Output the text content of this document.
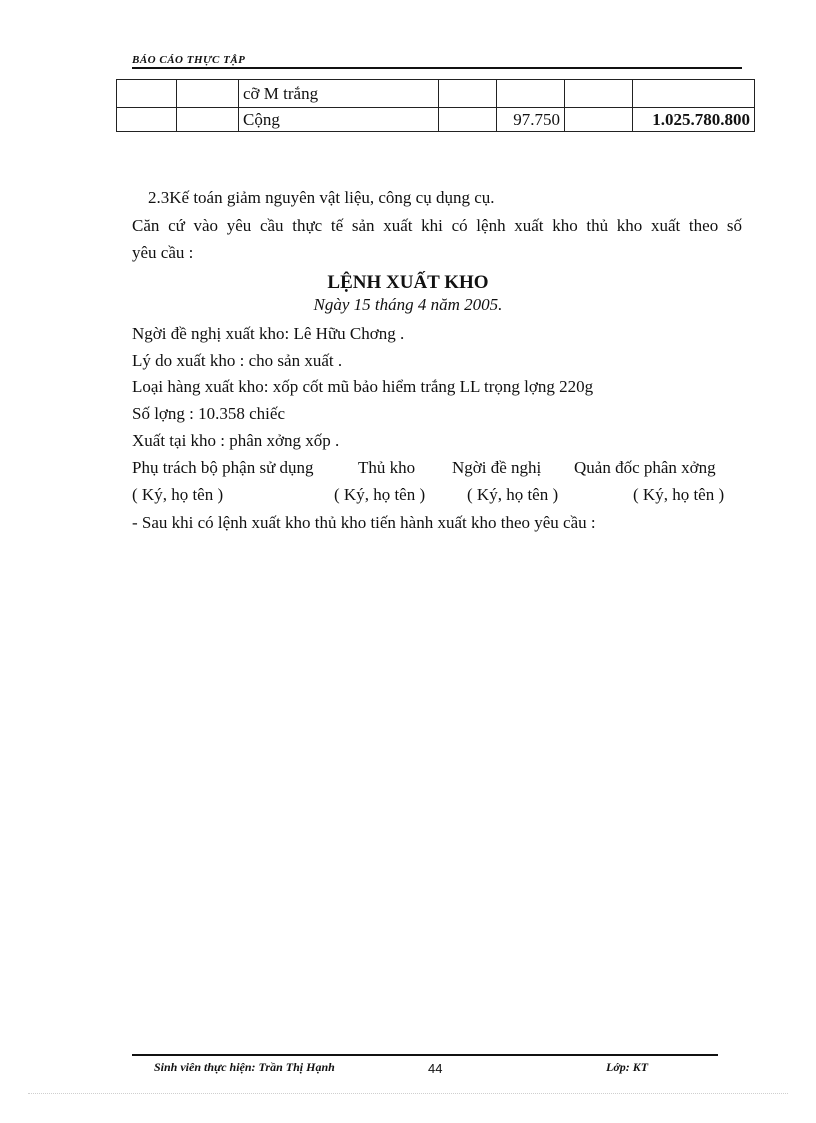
BÁO CÁO THỰC TẬP
		cỡ M trắng				
		Cộng		97.750		1.025.780.800
2.3Kế toán giảm nguyên vật liệu, công cụ dụng cụ.
Căn cứ vào yêu cầu thực tế sản xuất khi có lệnh xuất kho thủ kho xuất theo số
yêu cầu :
LỆNH XUẤT KHO
Ngày 15 tháng 4 năm 2005.
Ngời đề nghị xuất kho: Lê Hữu Chơng .
Lý do xuất kho : cho sản xuất .
Loại hàng xuất kho: xốp cốt mũ bảo hiểm trắng LL trọng lợng 220g
Số lợng : 10.358 chiếc
Xuất tại kho : phân xởng xốp .
Phụ trách bộ phận sử dụng	Thủ kho Ngời đề nghị Quản đốc phân xởng
( Ký, họ tên )	( Ký, họ tên ) ( Ký, họ tên )	( Ký, họ tên )
- Sau khi có lệnh xuất kho thủ kho tiến hành xuất kho theo yêu cầu :
Sinh viên thực hiện: Trần Thị Hạnh	44	Lớp: KT
